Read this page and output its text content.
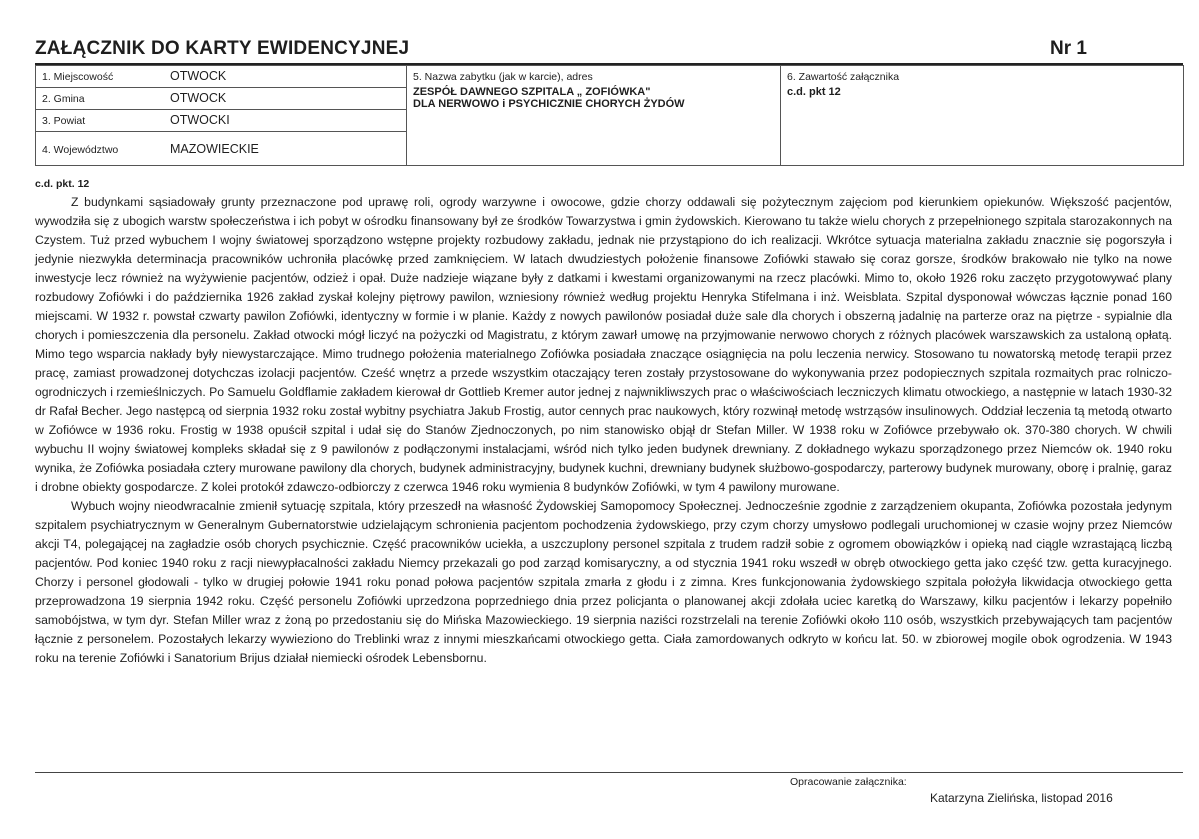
ZAŁĄCZNIK DO KARTY EWIDENCYJNEJ	Nr 1
1. Miejscowość	OTWOCK	5. Nazwa zabytku (jak w karcie), adres
ZESPÓŁ DAWNEGO SZPITALA „ ZOFIÓWKA"
DLA NERWOWO i PSYCHICZNIE CHORYCH ŻYDÓW

6. Zawartość załącznika
c.d. pkt 12

2. Gmina	OTWOCK
3. Powiat	OTWOCKI
4. Województwo	MAZOWIECKIE
c.d. pkt. 12

Z budynkami sąsiadowały grunty przeznaczone pod uprawę roli, ogrody warzywne i owocowe, gdzie chorzy oddawali się pożytecznym zajęciom pod kierunkiem opiekunów. Większość pacjentów, wywodziła się z ubogich warstw społeczeństwa i ich pobyt w ośrodku finansowany był ze środków Towarzystwa i gmin żydowskich. Kierowano tu także wielu chorych z przepełnionego szpitala starozakonnych na Czystem. Tuż przed wybuchem I wojny światowej sporządzono wstępne projekty rozbudowy zakładu, jednak nie przystąpiono do ich realizacji. Wkrótce sytuacja materialna zakładu znacznie się pogorszyła i jedynie niezwykła determinacja pracowników uchroniła placówkę przed zamknięciem. W latach dwudziestych położenie finansowe Zofiówki stawało się coraz gorsze, środków brakowało nie tylko na nowe inwestycje lecz również na wyżywienie pacjentów, odzież i opał. Duże nadzieje wiązane były z datkami i kwestami organizowanymi na rzecz placówki. Mimo to, około 1926 roku zaczęto przygotowywać plany rozbudowy Zofiówki i do października 1926 zakład zyskał kolejny piętrowy pawilon, wzniesiony również według projektu Henryka Stifelmana i inż. Weisblata. Szpital dysponował wówczas łącznie ponad 160 miejscami. W 1932 r. powstał czwarty pawilon Zofiówki, identyczny w formie i w planie. Każdy z nowych pawilonów posiadał duże sale dla chorych i obszerną jadalnię na parterze oraz na piętrze - sypialnie dla chorych i pomieszczenia dla personelu. Zakład otwocki mógł liczyć na pożyczki od Magistratu, z którym zawarł umowę na przyjmowanie nerwowo chorych z różnych placówek warszawskich za ustaloną opłatą. Mimo tego wsparcia nakłady były niewystarczające. Mimo trudnego położenia materialnego Zofiówka posiadała znaczące osiągnięcia na polu leczenia nerwicy. Stosowano tu nowatorską metodę terapii przez pracę, zamiast prowadzonej dotychczas izolacji pacjentów. Cześć wnętrz a przede wszystkim otaczający teren zostały przystosowane do wykonywania przez podopiecznych szpitala rozmaitych prac rolniczo-ogrodniczych i rzemieślniczych. Po Samuelu Goldflamie zakładem kierował dr Gottlieb Kremer autor jednej z najwnikliwszych prac o właściwościach leczniczych klimatu otwockiego, a następnie w latach 1930-32 dr Rafał Becher. Jego następcą od sierpnia 1932 roku został wybitny psychiatra Jakub Frostig, autor cennych prac naukowych, który rozwinął metodę wstrząsów insulinowych. Oddział leczenia tą metodą otwarto w Zofiówce w 1936 roku. Frostig w 1938 opuścił szpital i udał się do Stanów Zjednoczonych, po nim stanowisko objął dr Stefan Miller. W 1938 roku w Zofiówce przebywało ok. 370-380 chorych. W chwili wybuchu II wojny światowej kompleks składał się z 9 pawilonów z podłączonymi instalacjami, wśród nich tylko jeden budynek drewniany. Z dokładnego wykazu sporządzonego przez Niemców ok. 1940 roku wynika, że Zofiówka posiadała cztery murowane pawilony dla chorych, budynek administracyjny, budynek kuchni, drewniany budynek służbowo-gospodarczy, parterowy budynek murowany, oborę i pralnię, garaz i drobne obiekty gospodarcze. Z kolei protokół zdawczo-odbiorczy z czerwca 1946 roku wymienia 8 budynków Zofiówki, w tym 4 pawilony murowane.

Wybuch wojny nieodwracalnie zmienił sytuację szpitala, który przeszedł na własność Żydowskiej Samopomocy Społecznej. Jednocześnie zgodnie z zarządzeniem okupanta, Zofiówka pozostała jedynym szpitalem psychiatrycznym w Generalnym Gubernatorstwie udzielającym schronienia pacjentom pochodzenia żydowskiego, przy czym chorzy umysłowo podlegali uruchomionej w czasie wojny przez Niemców akcji T4, polegającej na zagładzie osób chorych psychicznie. Część pracowników uciekła, a uszczuplony personel szpitala z trudem radził sobie z ogromem obowiązków i opieką nad ciągle wzrastającą liczbą pacjentów. Pod koniec 1940 roku z racji niewypłacalności zakładu Niemcy przekazali go pod zarząd komisaryczny, a od stycznia 1941 roku wszedł w obręb otwockiego getta jako część tzw. getta kuracyjnego. Chorzy i personel głodowali - tylko w drugiej połowie 1941 roku ponad połowa pacjentów szpitala zmarła z głodu i z zimna. Kres funkcjonowania żydowskiego szpitala położyła likwidacja otwockiego getta przeprowadzona 19 sierpnia 1942 roku. Część personelu Zofiówki uprzedzona poprzedniego dnia przez policjanta o planowanej akcji zdołała uciec karetką do Warszawy, kilku pacjentów i lekarzy popełniło samobójstwa, w tym dyr. Stefan Miller wraz z żoną po przedostaniu się do Mińska Mazowieckiego. 19 sierpnia naziści rozstrzelali na terenie Zofiówki około 110 osób, wszystkich przebywających tam pacjentów łącznie z personelem. Pozostałych lekarzy wywieziono do Treblinki wraz z innymi mieszkańcami otwockiego getta. Ciała zamordowanych odkryto w końcu lat. 50. w zbiorowej mogile obok ogrodzenia. W 1943 roku na terenie Zofiówki i Sanatorium Brijus działał niemiecki ośrodek Lebensbornu.

Opracowanie załącznika:
Katarzyna Zielińska, listopad 2016
